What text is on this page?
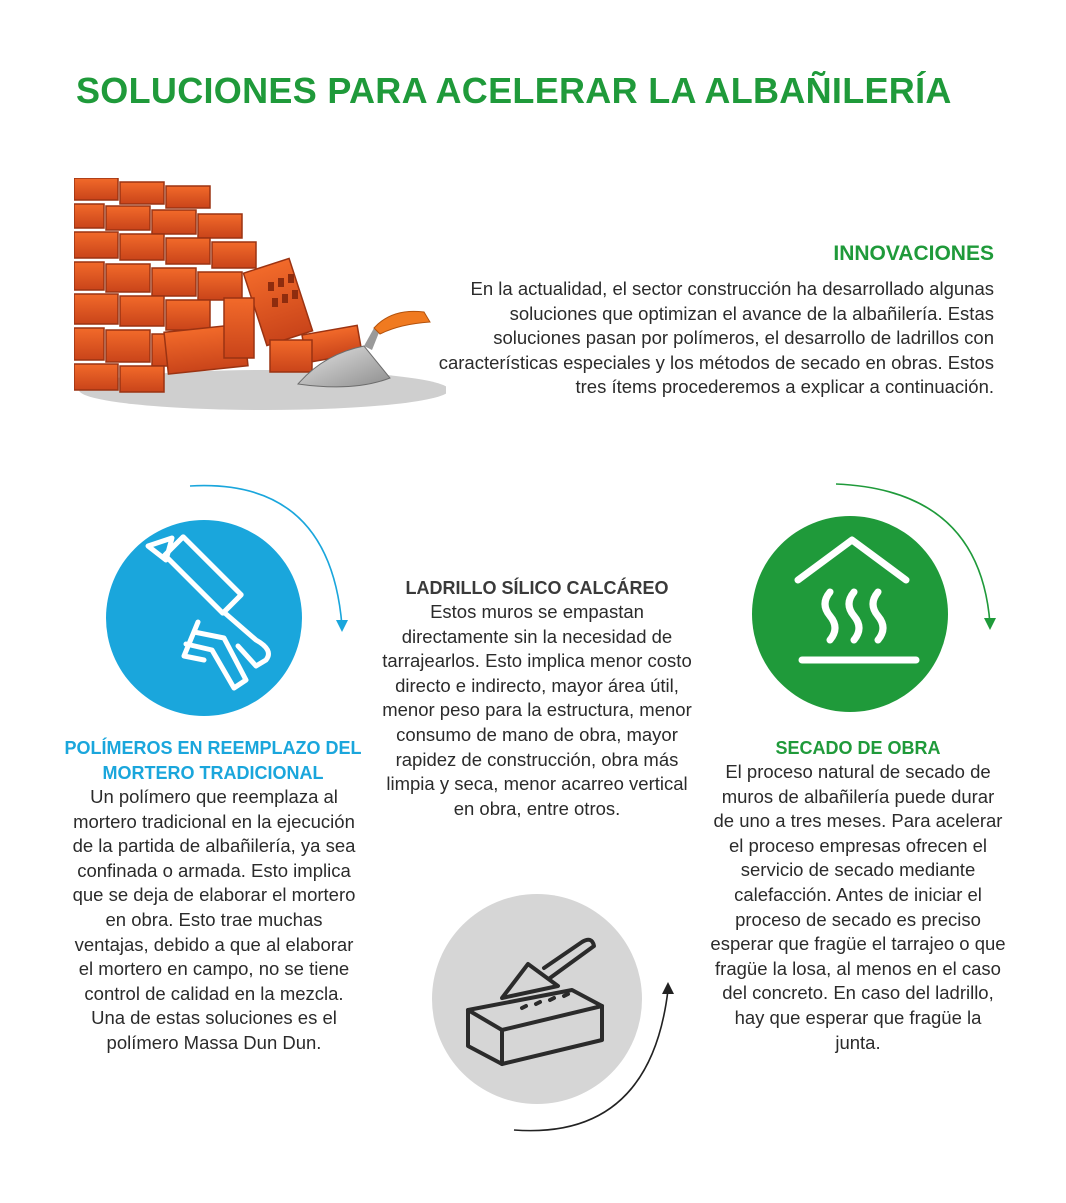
SOLUCIONES PARA ACELERAR LA ALBAÑILERÍA
INNOVACIONES
En la actualidad, el sector construcción ha desarrollado algunas soluciones que optimizan el avance de la albañilería. Estas soluciones pasan por polímeros, el desarrollo de ladrillos con características especiales y los métodos de secado en obras. Estos tres ítems procederemos a explicar a continuación.
POLÍMEROS EN REEMPLAZO DEL MORTERO TRADICIONAL
Un polímero que reemplaza al mortero tradicional en la ejecución de la partida de albañilería, ya sea confinada o armada. Esto implica que se deja de elaborar el mortero en obra. Esto trae muchas ventajas, debido a que al elaborar el mortero en campo, no se tiene control de calidad en la mezcla. Una de estas soluciones es el polímero Massa Dun Dun.
LADRILLO SÍLICO CALCÁREO
Estos muros se empastan directamente sin la necesidad de tarrajearlos. Esto implica menor costo directo e indirecto, mayor área útil, menor peso para la estructura, menor consumo de mano de obra, mayor rapidez de construcción, obra más limpia y seca, menor acarreo vertical en obra, entre otros.
SECADO DE OBRA
El proceso natural de secado de muros de albañilería puede durar de uno a tres meses. Para acelerar el proceso empresas ofrecen el servicio de secado mediante calefacción. Antes de iniciar el proceso de secado es preciso esperar que fragüe el tarrajeo o que fragüe la losa, al menos en el caso del concreto. En caso del ladrillo, hay que esperar que fragüe la junta.
